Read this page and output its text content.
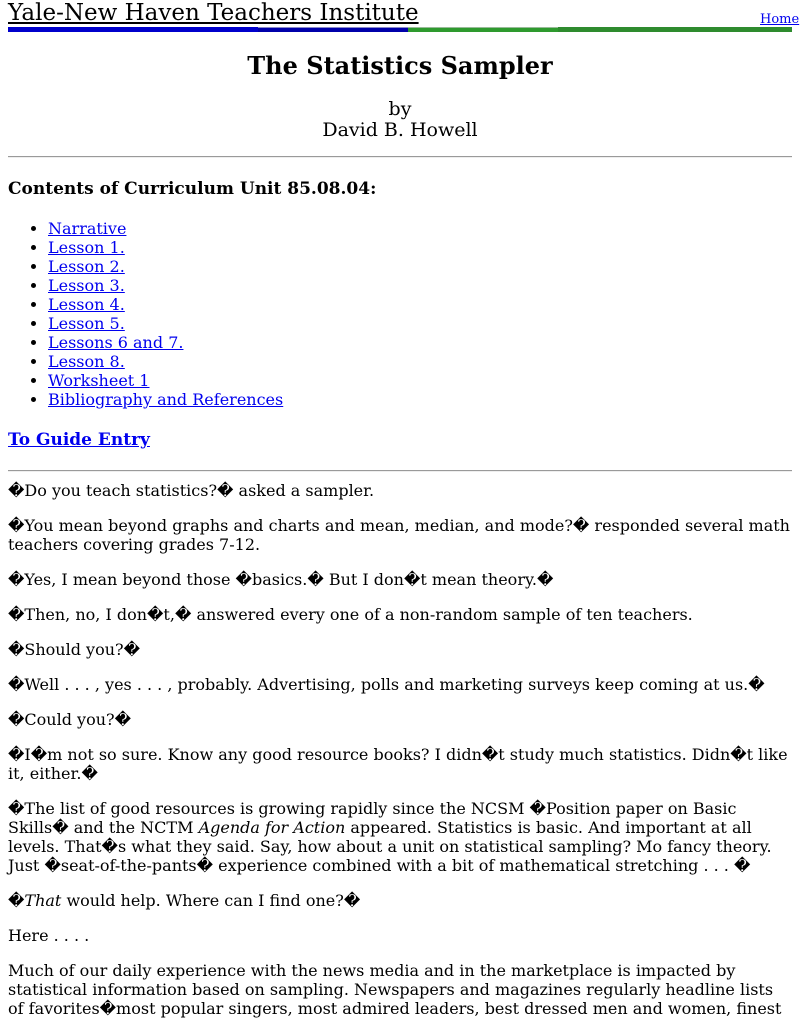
Yale-New Haven Teachers Institute	Home
The Statistics Sampler
by
David B. Howell
Contents of Curriculum Unit 85.08.04:
• Narrative
• Lesson 1.
• Lesson 2.
• Lesson 3.
• Lesson 4.
• Lesson 5.
• Lessons 6 and 7.
• Lesson 8.
• Worksheet 1
• Bibliography and References
To Guide Entry

�Do you teach statistics?� asked a sampler.

�You mean beyond graphs and charts and mean, median, and mode?� responded several math teachers covering grades 7-12.

�Yes, I mean beyond those �basics.� But I don�t mean theory.�

�Then, no, I don�t,� answered every one of a non-random sample of ten teachers.

�Should you?�

�Well . . . , yes . . . , probably. Advertising, polls and marketing surveys keep coming at us.�

�Could you?�

�I�m not so sure. Know any good resource books? I didn�t study much statistics. Didn�t like it, either.�

�The list of good resources is growing rapidly since the NCSM �Position paper on Basic Skills� and the NCTM Agenda for Action appeared. Statistics is basic. And important at all levels. That�s what they said. Say, how about a unit on statistical sampling? Mo fancy theory. Just �seat-of-the-pants� experience combined with a bit of mathematical stretching . . . �

�That would help. Where can I find one?�

Here . . . .

Much of our daily experience with the news media and in the marketplace is impacted by statistical information based on sampling. Newspapers and magazines regularly headline lists of favorites�most popular singers, most admired leaders, best dressed men and women, finest
